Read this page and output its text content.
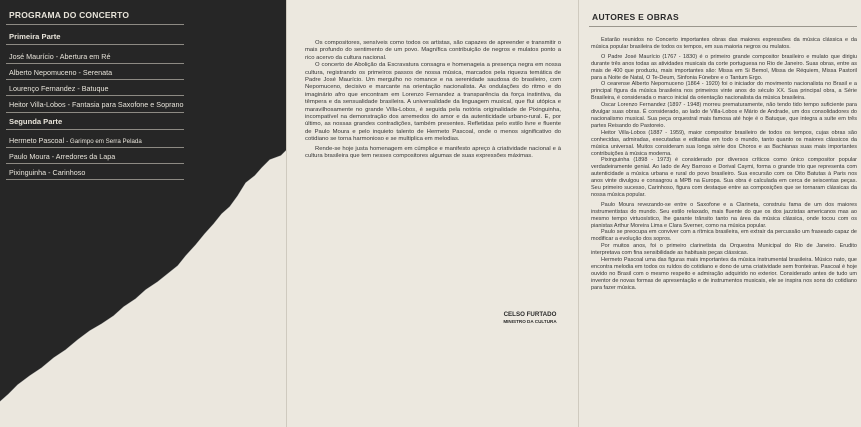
PROGRAMA DO CONCERTO
Primeira Parte
José Maurício - Abertura em Ré
Alberto Nepomuceno - Serenata
Lourenço Fernandez - Batuque
Heitor Villa-Lobos - Fantasia para Saxofone e Soprano
Segunda Parte
Hermeto Pascoal - Garimpo em Serra Pelada
Paulo Moura - Arredores da Lapa
Pixinguinha - Carinhoso

Os compositores, sensíveis como todos os artistas, são capazes de apreender e transmitir o mais profundo do sentimento de um povo. Magnífica contribuição de negros e mulatos ponto a rico acervo da cultura nacional.

O concerto de Abolição da Escravatura consagra e homenageia a presença negra em nossa cultura, registrando os primeiros passos de nossa música, marcados pela riqueza temática de Padre José Maurício. Um mergulho no romance e na serenidade saudosa do brasileiro, com Nepomuceno, decisivo e marcante na orientação nacionalista. As ondulações do ritmo e do imaginário afro que encontram em Lorenzo Fernandez a transparência da força instintiva, da têmpera e da sensualidade brasileira. A universalidade da linguagem musical, que flui utópica e maravilhosamente no grande Villa-Lobos, é seguida pela notória originalidade de Pixinguinha, incompatível na demonstração dos arremedos do amor e da autenticidade urbano-rural. E, por último, as nossas grandes contradições, também presentes. Refletidas pelo estilo livre e fluente de Paulo Moura e pelo inquieto talento de Hermeto Pascoal, onde o menos significativo do cotidiano se torna harmonioso e se multiplica em melodias.

Rende-se hoje justa homenagem em cúmplice e manifesto apreço à criatividade nacional e à cultura brasileira que tem nesses compositores algumas de suas expressões máximas.

CELSO FURTADO
MINISTRO DA CULTURA
AUTORES E OBRAS

Estarão reunidos no Concerto importantes obras das maiores expressões da música clássica e da música popular brasileira de todos os tempos, em sua maioria negros ou mulatos.

O Padre José Maurício (1767 - 1830) é o primeiro grande compositor brasileiro e mulato que dirigiu durante três anos todas as atividades musicais da corte portuguesa no Rio de Janeiro. Suas obras, entre as mais de 400 que produziu, mais importantes são: Missa em Si Bemol, Missa de Réquiem, Missa Pastoril para a Noite de Natal, O Te-Deum, Sinfonia Fúnebre e o Tantum Ergo.

O cearense Alberto Nepomuceno (1864 - 1920) foi o iniciador do movimento nacionalista no Brasil e a principal figura da música brasileira nos primeiros vinte anos do século XX. Sua principal obra, a Série Brasileira, é considerada o marco inicial da orientação nacionalista da música brasileira.

Oscar Lorenzo Fernandez (1897 - 1948) morreu prematuramente, não tendo tido tempo suficiente para divulgar suas obras. É considerado, ao lado de Villa-Lobos e Mário de Andrade, um dos consolidadores do nacionalismo musical. Sua peça orquestral mais famosa até hoje é o Batuque, que integra a suíte em três partes Reisando do Pastoreio.

Heitor Villa-Lobos (1887 - 1959), maior compositor brasileiro de todos os tempos, cujas obras são conhecidas, admiradas, executadas e editadas em todo o mundo, tanto quanto os maiores clássicos da música universal. Muitos consideram sua longa série dos Choros e as Bachianas suas mais importantes contribuições à música moderna.

Pixinguinha (1898 - 1973) é considerado por diversos críticos como único compositor popular verdadeiramente genial. Ao lado de Ary Barroso e Dorival Caymi, forma o grande trio que representa com autenticidade a música urbana e rural do povo brasileiro. Sua excursão com os Oito Batutas à Paris nos anos vinte divulgou e consagrou a MPB na Europa. Sua obra é calculada em cerca de seiscentas peças. Seu primeiro sucesso, Carinhoso, figura com destaque entre as composições que se tornaram clássicas da nossa música popular.

Paulo Moura revezando-se entre o Saxofone e a Clarineta, construiu fama de um dos maiores instrumentistas do mundo. Seu estilo relaxado, mais fluente do que os dos jazzistas americanos mas ao mesmo tempo virtuosístico, lhe garante trânsito tanto na área da música clássica, onde tocou com os pianistas Arthur Moreira Lima e Clara Sverner, como na música popular.

Paulo se preocupa em conviver com a rítmica brasileira, em extrair da percussão um fraseado capaz de modificar a evolução dos sopros.

Por muitos anos, foi o primeiro clarinetista da Orquestra Municipal do Rio de Janeiro. Erudito interpretava com fina sensibilidade as habituais peças clássicas.

Hermeto Pascoal uma das figuras mais importantes da música instrumental brasileira. Músico nato, que encontra melodia em todos os ruídos do cotidiano e dono de uma criatividade sem fronteiras. Pascoal é hoje ouvido no Brasil com o mesmo respeito e admiração adquirido no exterior. Considerado antes de tudo um inventor de novas formas de apresentação e de instrumentos musicais, ele se inspira nos sons do cotidiano para fazer música.
